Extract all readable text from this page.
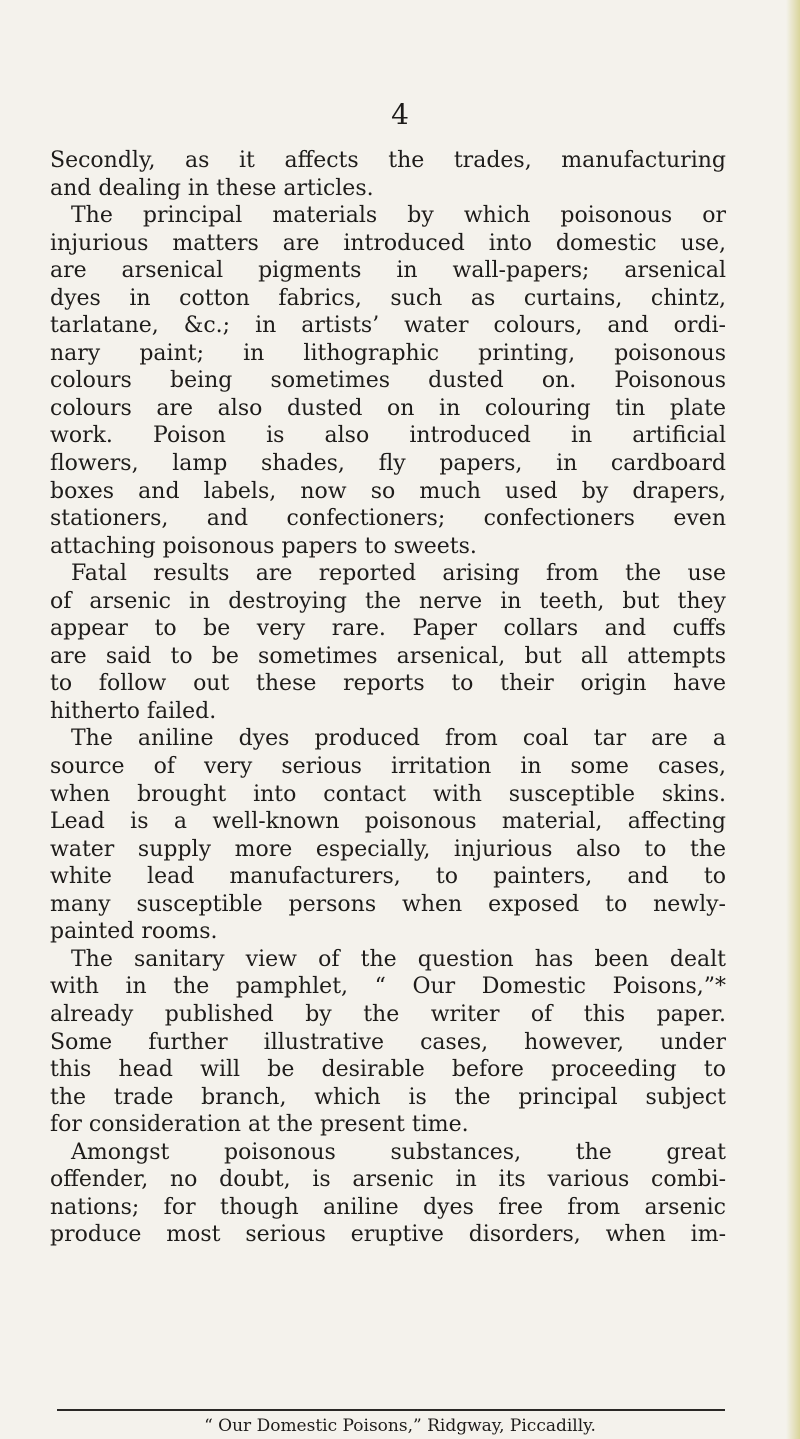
4
Secondly, as it affects the trades, manufacturing
and dealing in these articles.
The principal materials by which poisonous or
injurious matters are introduced into domestic use,
are arsenical pigments in wall-papers; arsenical
dyes in cotton fabrics, such as curtains, chintz,
tarlatane, &c.; in artists’ water colours, and ordi-
nary paint; in lithographic printing, poisonous
colours being sometimes dusted on. Poisonous
colours are also dusted on in colouring tin plate
work. Poison is also introduced in artificial
flowers, lamp shades, fly papers, in cardboard
boxes and labels, now so much used by drapers,
stationers, and confectioners; confectioners even
attaching poisonous papers to sweets.
Fatal results are reported arising from the use
of arsenic in destroying the nerve in teeth, but they
appear to be very rare. Paper collars and cuffs
are said to be sometimes arsenical, but all attempts
to follow out these reports to their origin have
hitherto failed.
The aniline dyes produced from coal tar are a
source of very serious irritation in some cases,
when brought into contact with susceptible skins.
Lead is a well-known poisonous material, affecting
water supply more especially, injurious also to the
white lead manufacturers, to painters, and to
many susceptible persons when exposed to newly-
painted rooms.
The sanitary view of the question has been dealt
with in the pamphlet, “ Our Domestic Poisons,”*
already published by the writer of this paper.
Some further illustrative cases, however, under
this head will be desirable before proceeding to
the trade branch, which is the principal subject
for consideration at the present time.
Amongst poisonous substances, the great
offender, no doubt, is arsenic in its various combi-
nations; for though aniline dyes free from arsenic
produce most serious eruptive disorders, when im-
“ Our Domestic Poisons,” Ridgway, Piccadilly.
